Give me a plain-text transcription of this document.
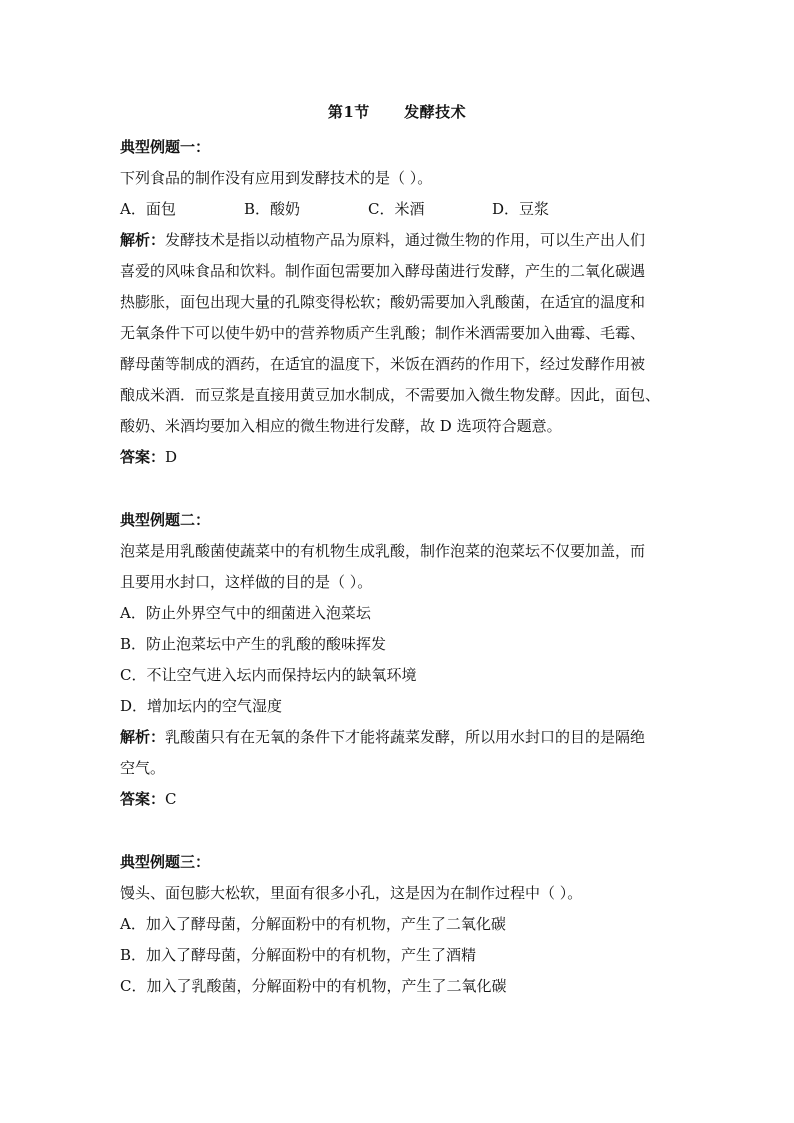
第1节      发酵技术

典型例题一：

下列食品的制作没有应用到发酵技术的是（ ）。

A．面包	B．酸奶	C．米酒	D．豆浆

解析：发酵技术是指以动植物产品为原料，通过微生物的作用，可以生产出人们

喜爱的风味食品和饮料。制作面包需要加入酵母菌进行发酵，产生的二氧化碳遇

热膨胀，面包出现大量的孔隙变得松软；酸奶需要加入乳酸菌，在适宜的温度和

无氧条件下可以使牛奶中的营养物质产生乳酸；制作米酒需要加入曲霉、毛霉、

酵母菌等制成的酒药，在适宜的温度下，米饭在酒药的作用下，经过发酵作用被

酿成米酒．而豆浆是直接用黄豆加水制成，不需要加入微生物发酵。因此，面包、

酸奶、米酒均要加入相应的微生物进行发酵，故 D 选项符合题意。

答案：D

典型例题二：

泡菜是用乳酸菌使蔬菜中的有机物生成乳酸，制作泡菜的泡菜坛不仅要加盖，而

且要用水封口，这样做的目的是（ ）。

A．防止外界空气中的细菌进入泡菜坛

B．防止泡菜坛中产生的乳酸的酸味挥发

C．不让空气进入坛内而保持坛内的缺氧环境

D．增加坛内的空气湿度

解析：乳酸菌只有在无氧的条件下才能将蔬菜发酵，所以用水封口的目的是隔绝

空气。

答案：C

典型例题三：

馒头、面包膨大松软，里面有很多小孔，这是因为在制作过程中（ ）。

A．加入了酵母菌，分解面粉中的有机物，产生了二氧化碳

B．加入了酵母菌，分解面粉中的有机物，产生了酒精

C．加入了乳酸菌，分解面粉中的有机物，产生了二氧化碳
